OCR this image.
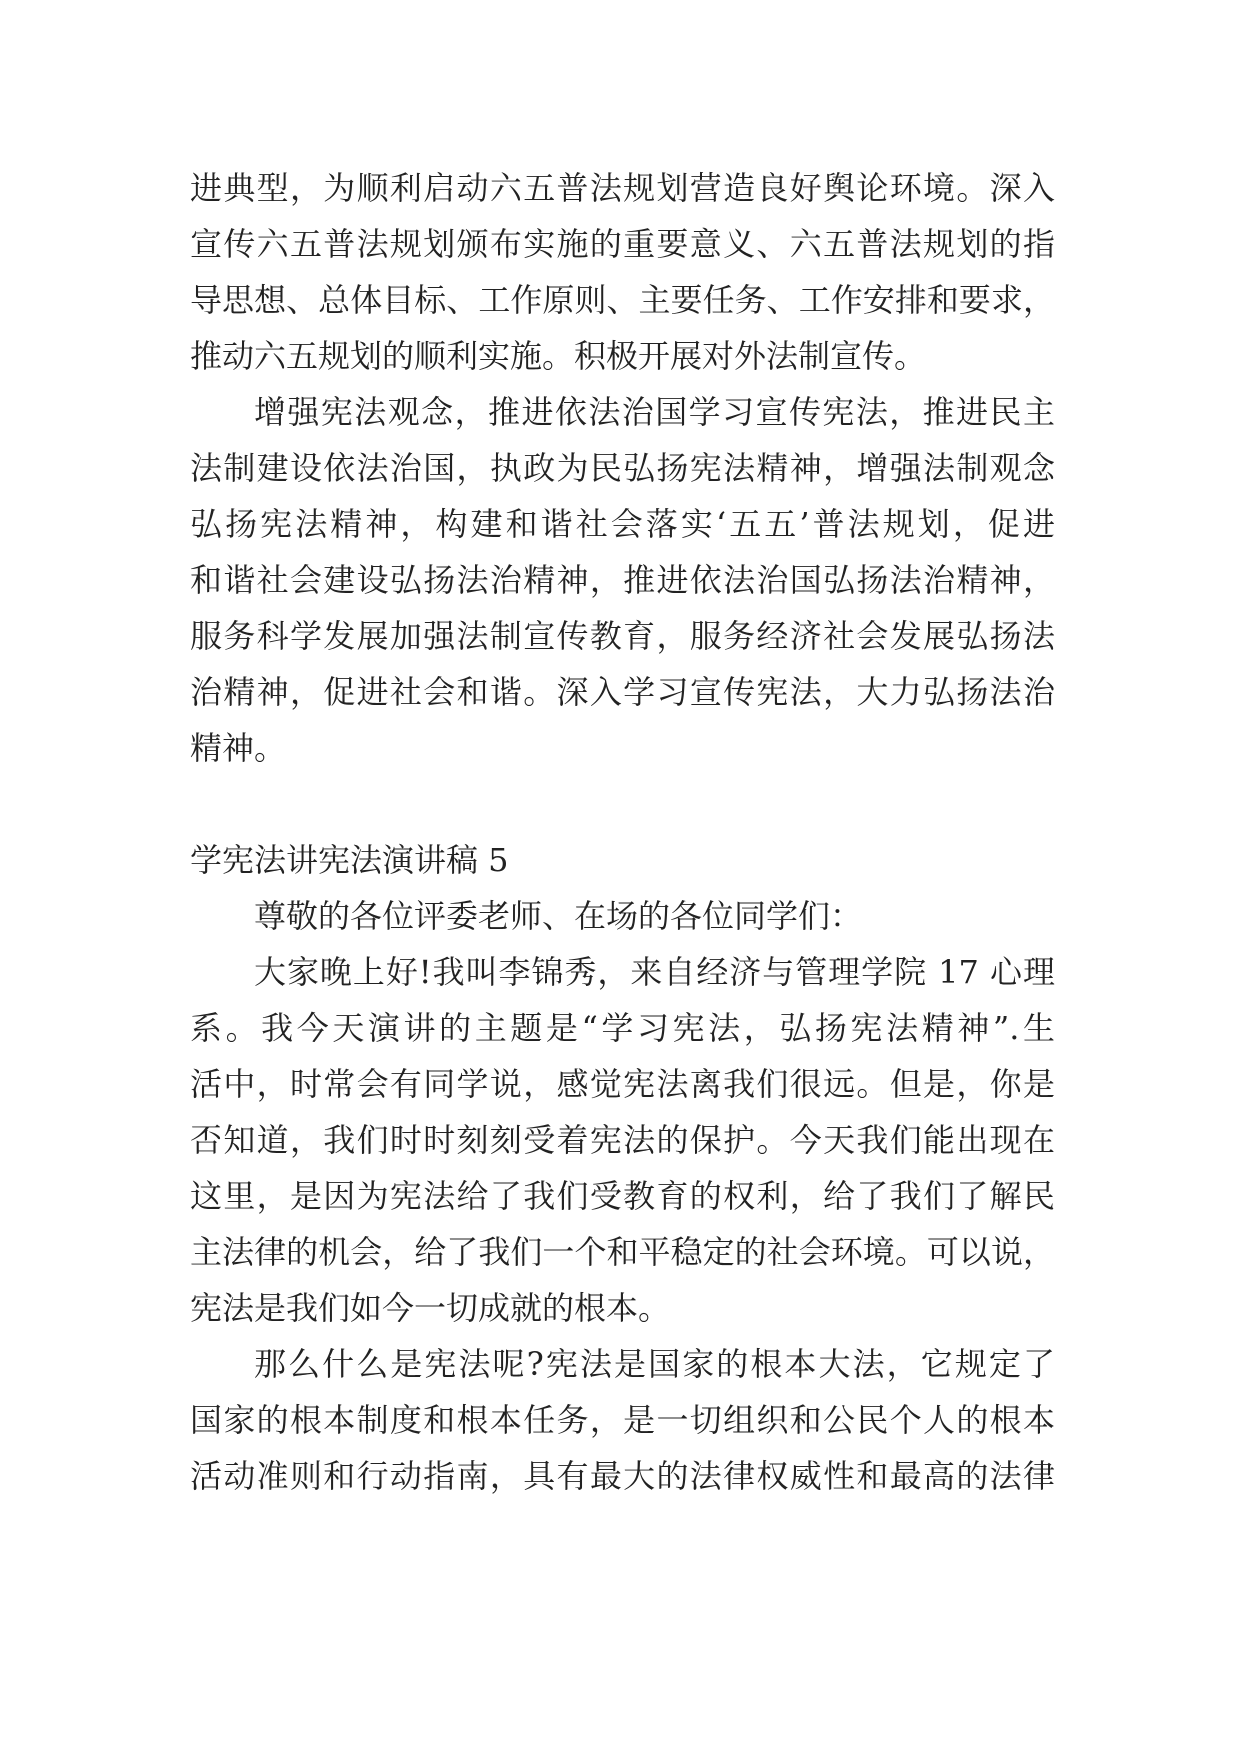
进典型，为顺利启动六五普法规划营造良好舆论环境。深入
宣传六五普法规划颁布实施的重要意义、六五普法规划的指
导思想、总体目标、工作原则、主要任务、工作安排和要求，
推动六五规划的顺利实施。积极开展对外法制宣传。
增强宪法观念，推进依法治国学习宣传宪法，推进民主
法制建设依法治国，执政为民弘扬宪法精神，增强法制观念
弘扬宪法精神，构建和谐社会落实‘五五’普法规划，促进
和谐社会建设弘扬法治精神，推进依法治国弘扬法治精神，
服务科学发展加强法制宣传教育，服务经济社会发展弘扬法
治精神，促进社会和谐。深入学习宣传宪法，大力弘扬法治
精神。
学宪法讲宪法演讲稿 5
尊敬的各位评委老师、在场的各位同学们：
大家晚上好!我叫李锦秀，来自经济与管理学院 17 心理
系。我今天演讲的主题是“学习宪法，弘扬宪法精神”.生
活中，时常会有同学说，感觉宪法离我们很远。但是，你是
否知道，我们时时刻刻受着宪法的保护。今天我们能出现在
这里，是因为宪法给了我们受教育的权利，给了我们了解民
主法律的机会，给了我们一个和平稳定的社会环境。可以说，
宪法是我们如今一切成就的根本。
那么什么是宪法呢?宪法是国家的根本大法，它规定了
国家的根本制度和根本任务，是一切组织和公民个人的根本
活动准则和行动指南，具有最大的法律权威性和最高的法律
